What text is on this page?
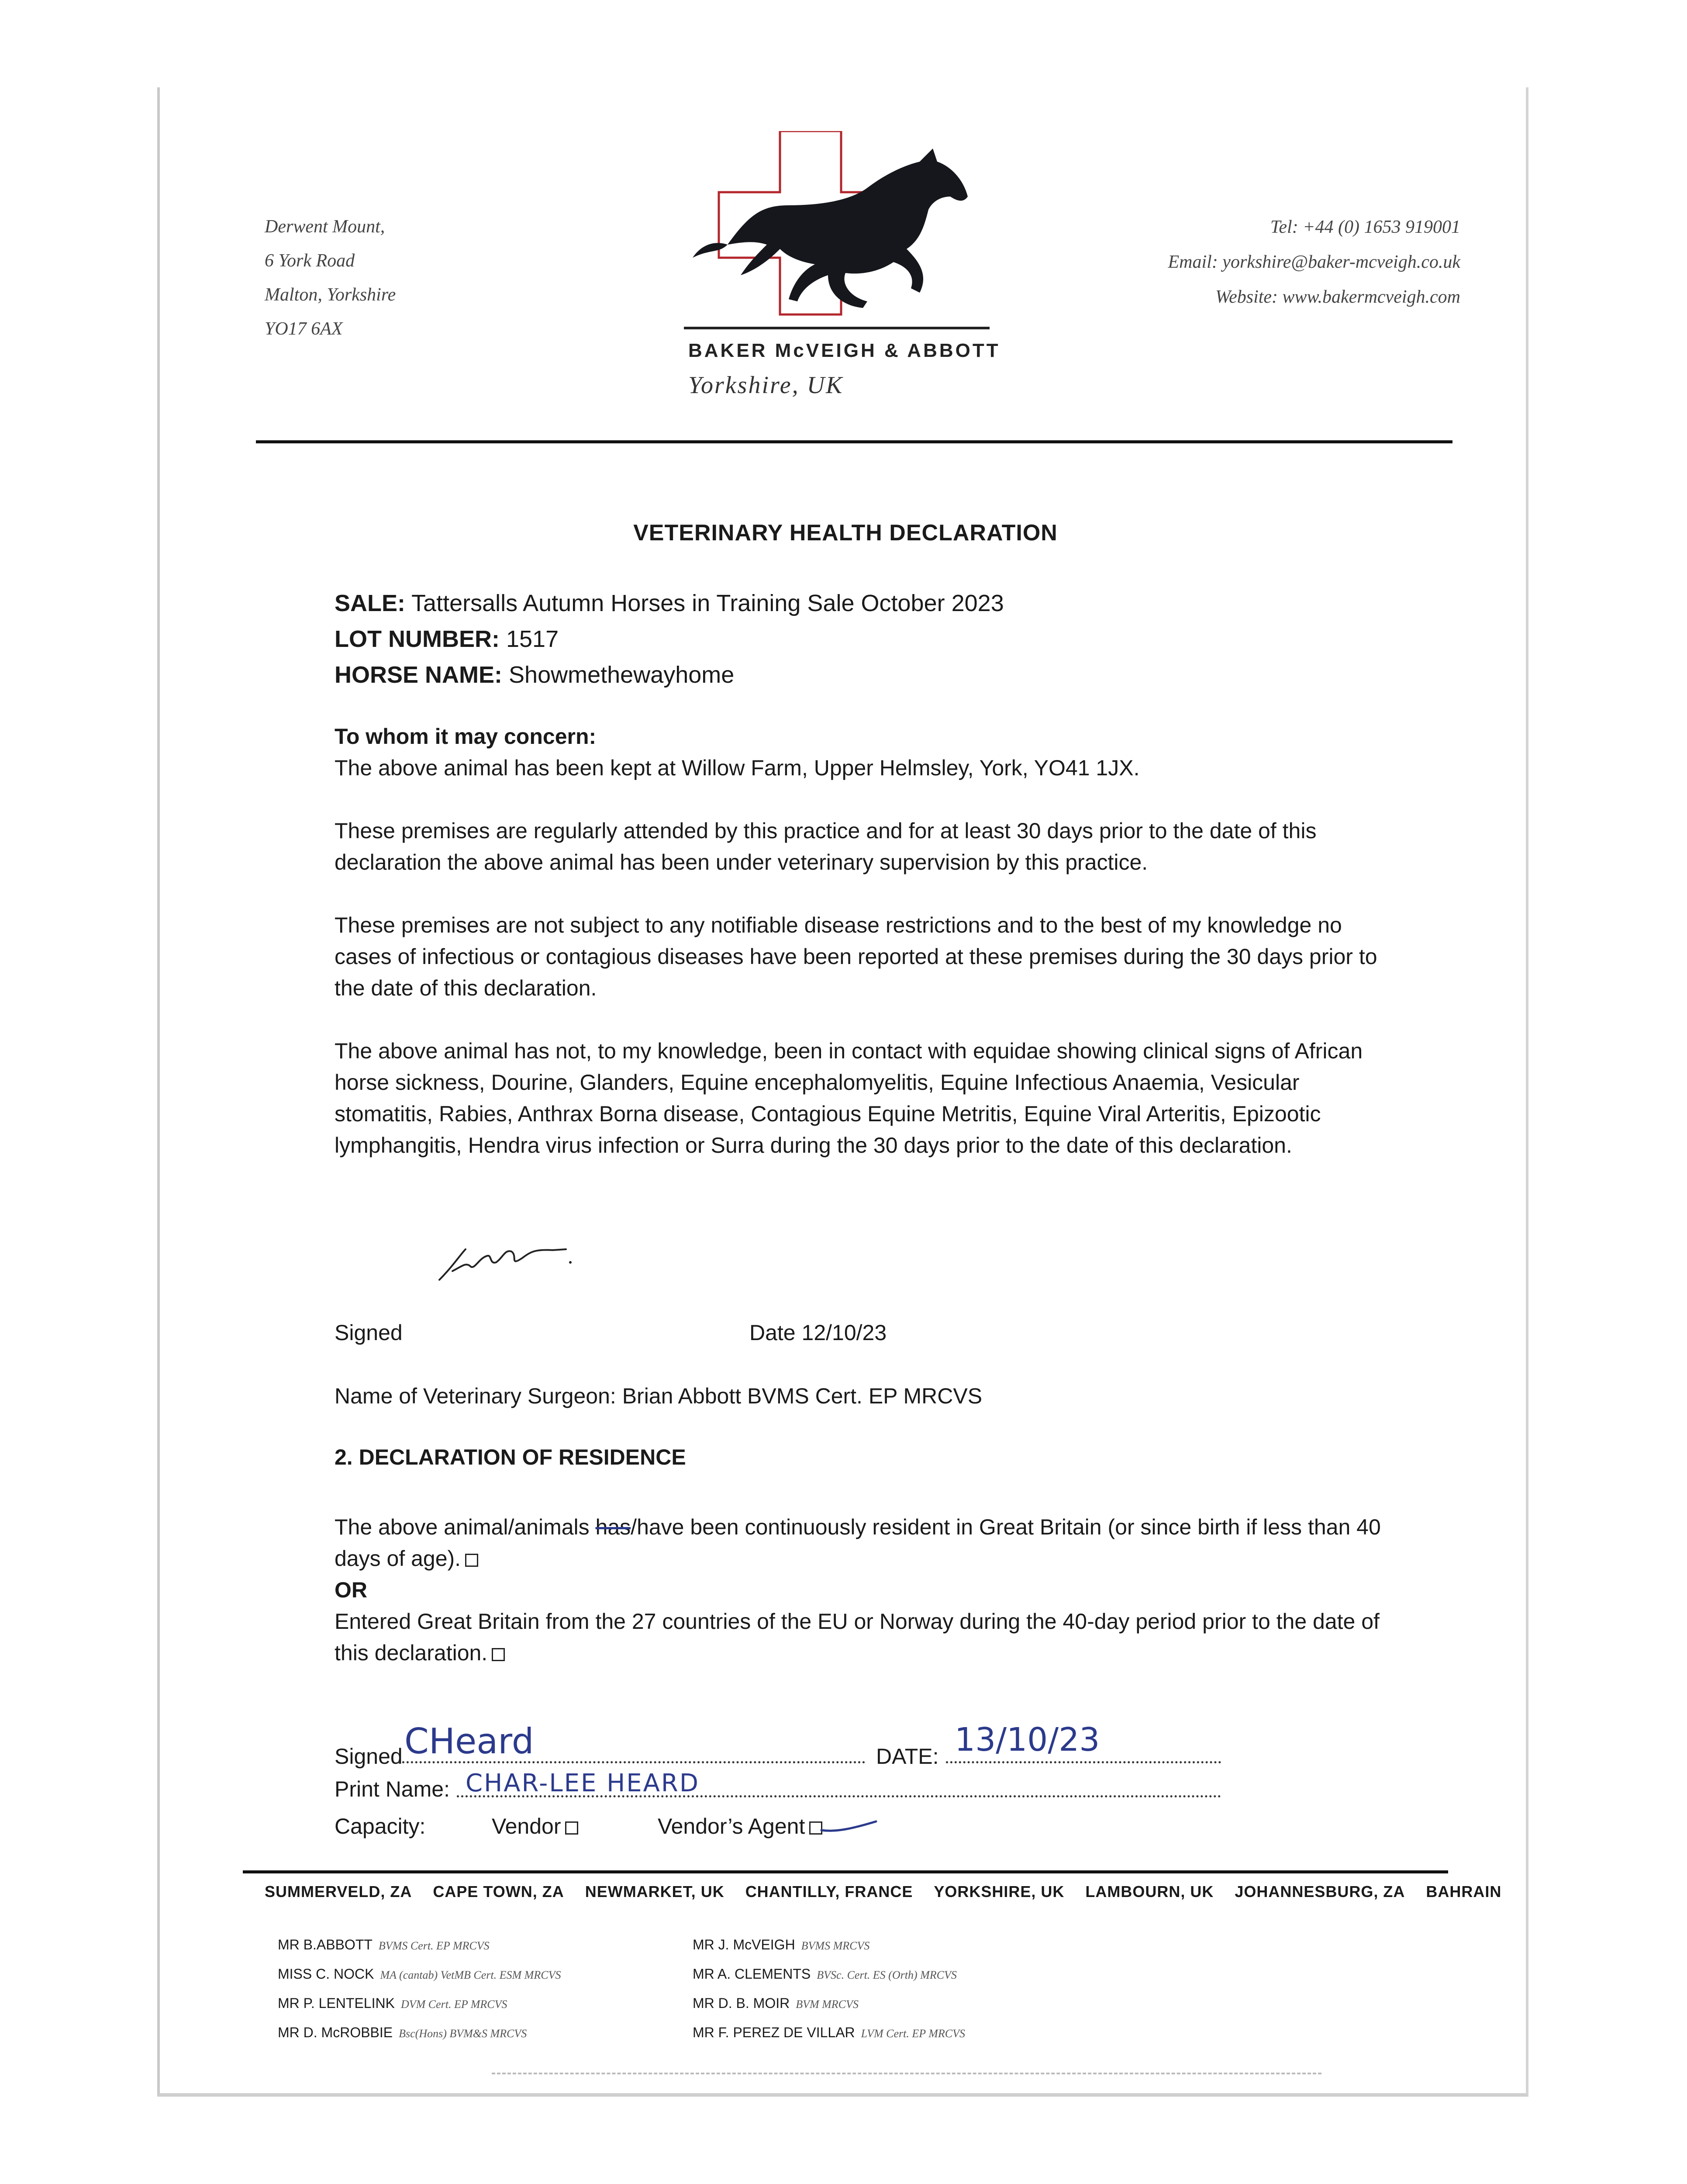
Derwent Mount,
6 York Road
Malton, Yorkshire
YO17 6AX
BAKER McVEIGH & ABBOTT
Yorkshire, UK
Tel: +44 (0) 1653 919001
Email: yorkshire@baker-mcveigh.co.uk
Website: www.bakermcveigh.com
VETERINARY HEALTH DECLARATION
SALE: Tattersalls Autumn Horses in Training Sale October 2023
LOT NUMBER: 1517
HORSE NAME: Showmethewayhome
To whom it may concern:
The above animal has been kept at Willow Farm, Upper Helmsley, York, YO41 1JX.
These premises are regularly attended by this practice and for at least 30 days prior to the date of this declaration the above animal has been under veterinary supervision by this practice.
These premises are not subject to any notifiable disease restrictions and to the best of my knowledge no cases of infectious or contagious diseases have been reported at these premises during the 30 days prior to the date of this declaration.
The above animal has not, to my knowledge, been in contact with equidae showing clinical signs of African horse sickness, Dourine, Glanders, Equine encephalomyelitis, Equine Infectious Anaemia, Vesicular stomatitis, Rabies, Anthrax Borna disease, Contagious Equine Metritis, Equine Viral Arteritis, Epizootic lymphangitis, Hendra virus infection or Surra during the 30 days prior to the date of this declaration.
Signed	Date 12/10/23
Name of Veterinary Surgeon: Brian Abbott BVMS Cert. EP MRCVS
2. DECLARATION OF RESIDENCE
The above animal/animals has/have been continuously resident in Great Britain (or since birth if less than 40 days of age).
OR
Entered Great Britain from the 27 countries of the EU or Norway during the 40-day period prior to the date of this declaration.
Signed CHeard	DATE: 13/10/23
Print Name: CHAR-LEE HEARD
Capacity:	Vendor	Vendor’s Agent
SUMMERVELD, ZA CAPE TOWN, ZA NEWMARKET, UK CHANTILLY, FRANCE YORKSHIRE, UK LAMBOURN, UK JOHANNESBURG, ZA BAHRAIN
MR B.ABBOTT BVMS Cert. EP MRCVS
MISS C. NOCK MA (cantab) VetMB Cert. ESM MRCVS
MR P. LENTELINK DVM Cert. EP MRCVS
MR D. McROBBIE Bsc(Hons) BVM&S MRCVS
MR J. McVEIGH BVMS MRCVS
MR A. CLEMENTS BVSc. Cert. ES (Orth) MRCVS
MR D. B. MOIR BVM MRCVS
MR F. PEREZ DE VILLAR LVM Cert. EP MRCVS
